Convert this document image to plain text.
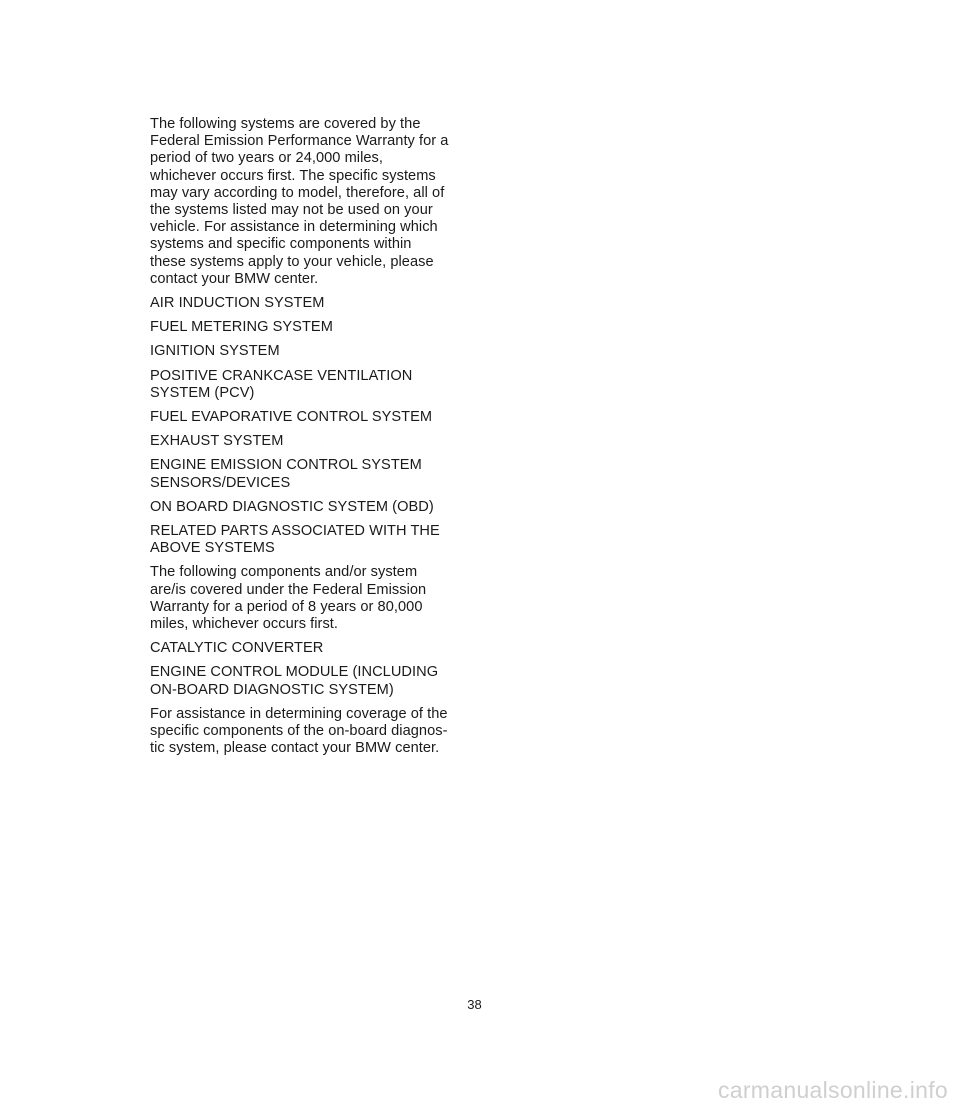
The following systems are covered by the
Federal Emission Performance Warranty for a
period of two years or 24,000 miles,
whichever occurs first. The specific systems
may vary according to model, therefore, all of
the systems listed may not be used on your
vehicle. For assistance in determining which
systems and specific components within
these systems apply to your vehicle, please
contact your BMW center.

AIR INDUCTION SYSTEM

FUEL METERING SYSTEM

IGNITION SYSTEM

POSITIVE CRANKCASE VENTILATION
SYSTEM (PCV)

FUEL EVAPORATIVE CONTROL SYSTEM

EXHAUST SYSTEM

ENGINE EMISSION CONTROL SYSTEM
SENSORS/DEVICES

ON BOARD DIAGNOSTIC SYSTEM (OBD)

RELATED PARTS ASSOCIATED WITH THE
ABOVE SYSTEMS

The following components and/or system
are/is covered under the Federal Emission
Warranty for a period of 8 years or 80,000
miles, whichever occurs first.

CATALYTIC CONVERTER

ENGINE CONTROL MODULE (INCLUDING
ON-BOARD DIAGNOSTIC SYSTEM)

For assistance in determining coverage of the
specific components of the on-board diagnos-
tic system, please contact your BMW center.

38
carmanualsonline.info
